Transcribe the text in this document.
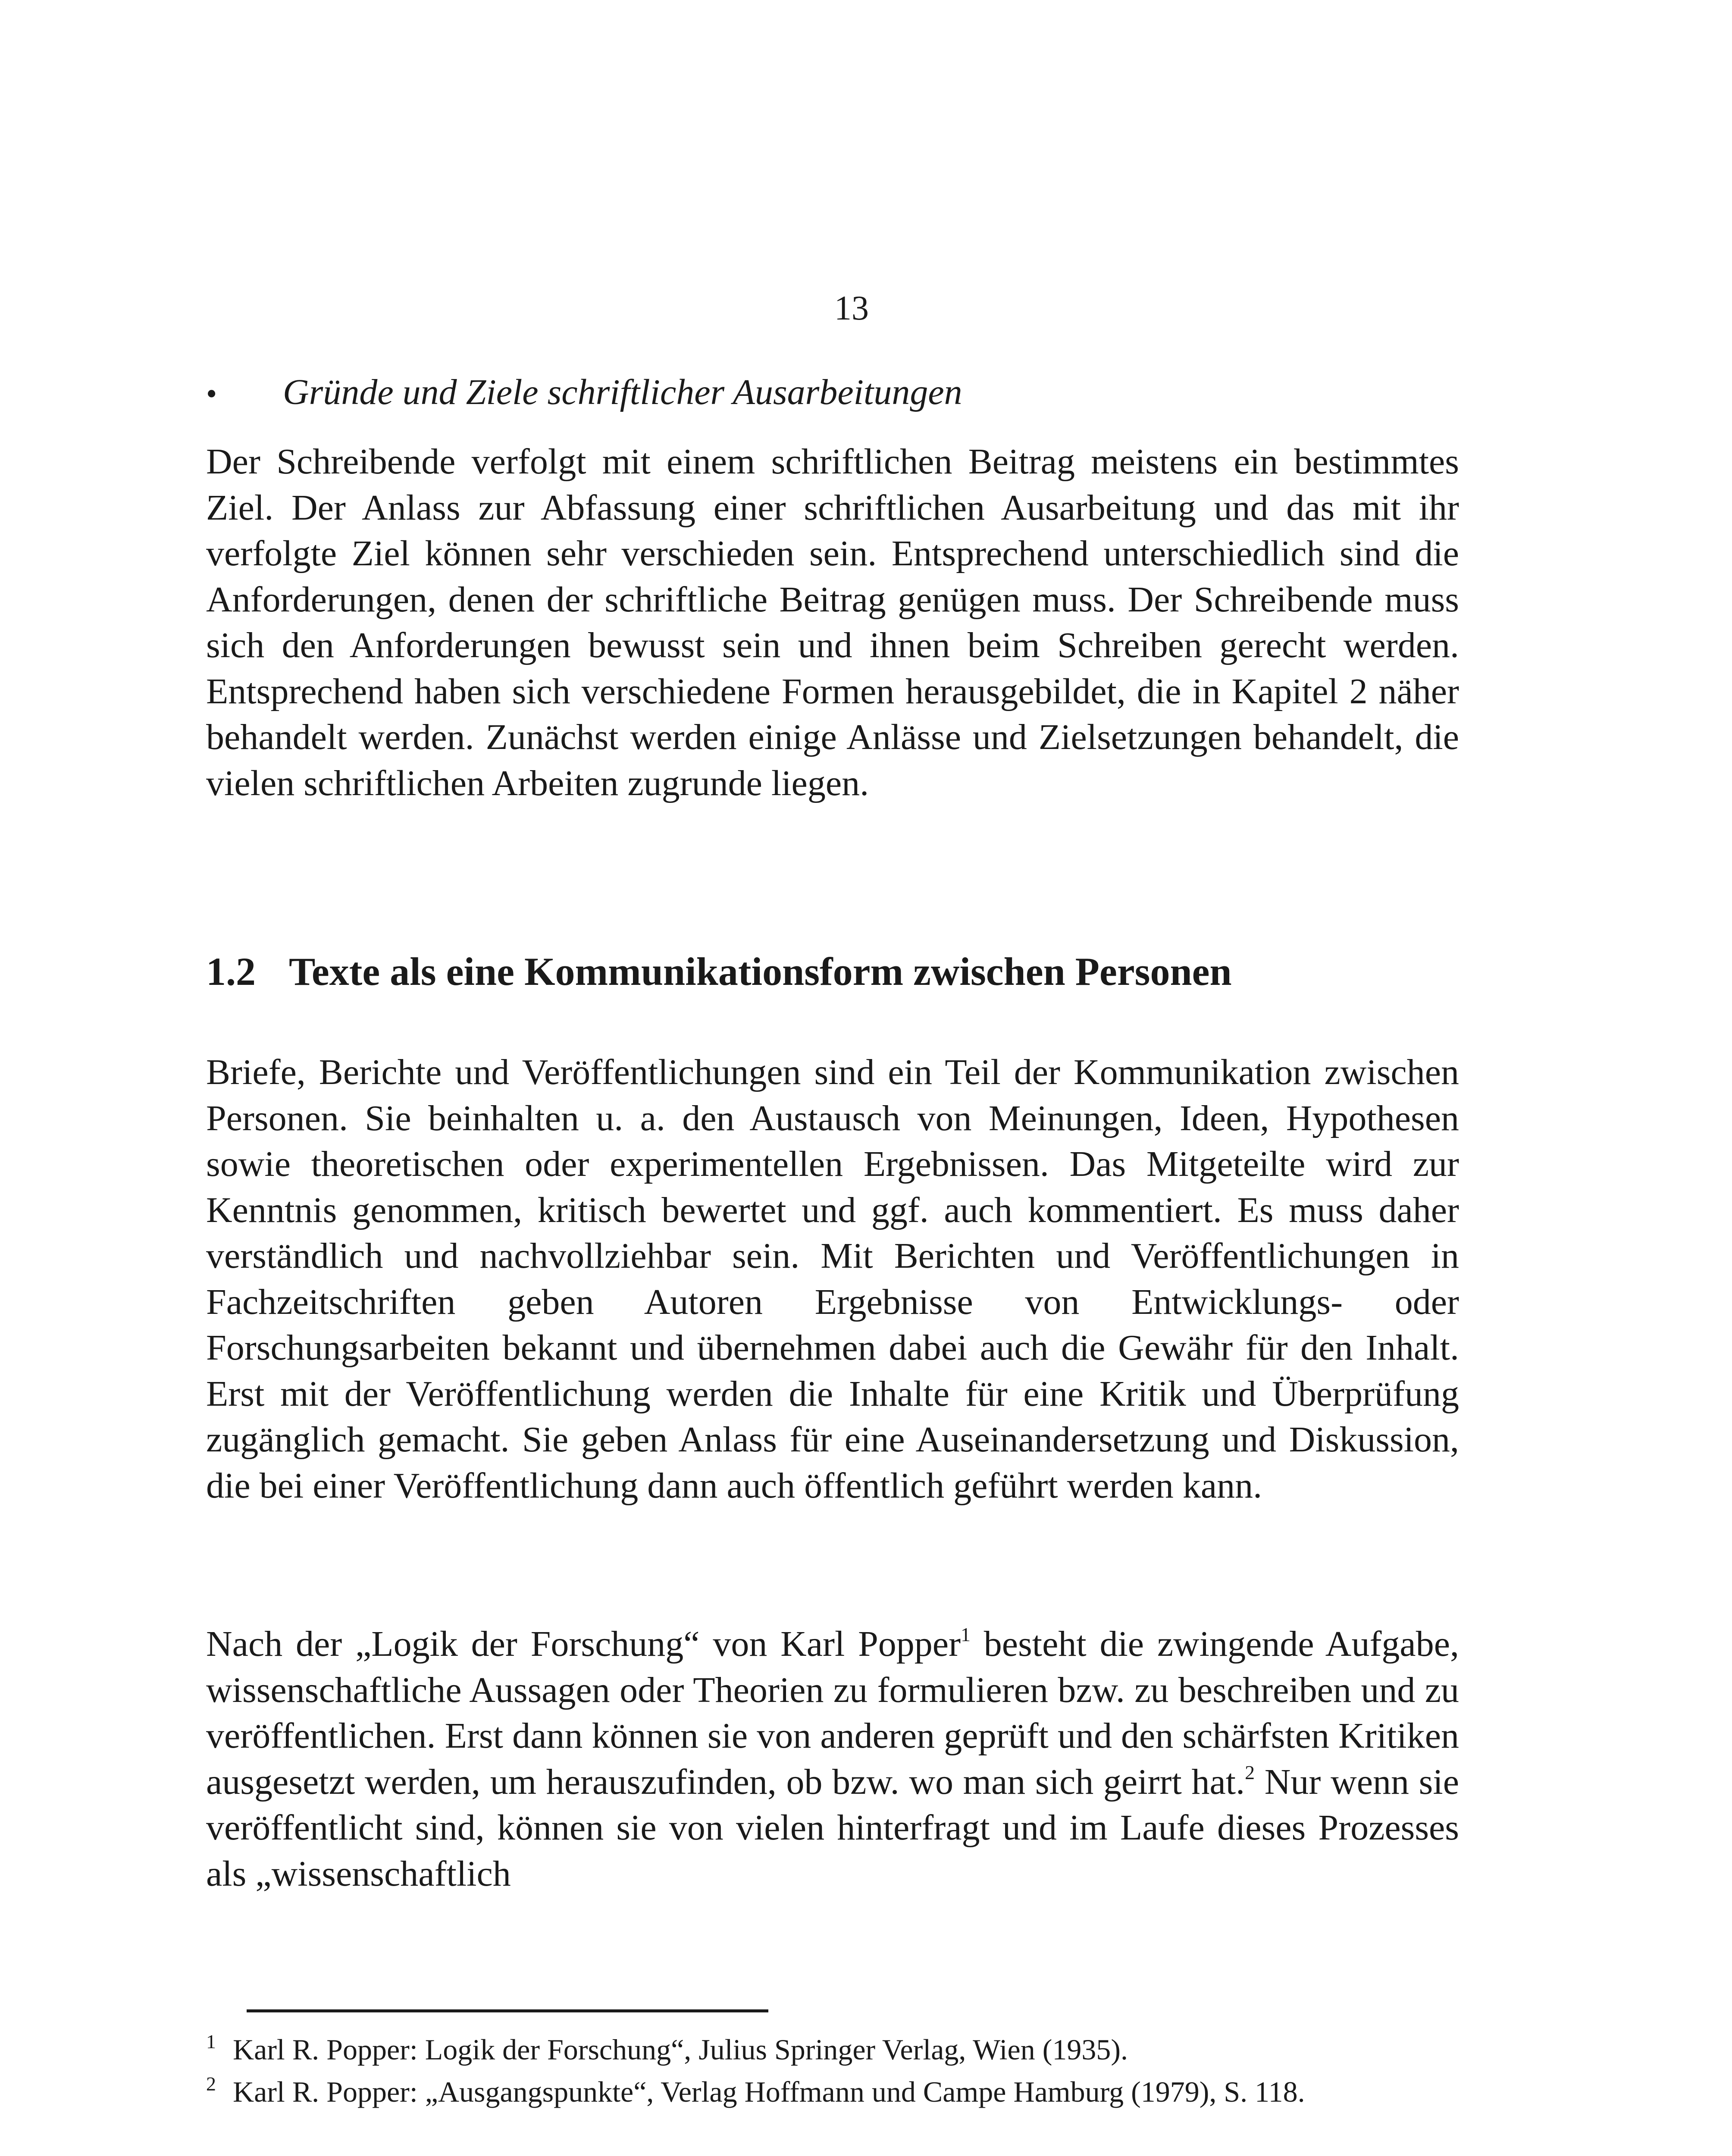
13
•	Gründe und Ziele schriftlicher Ausarbeitungen

Der Schreibende verfolgt mit einem schriftlichen Beitrag meistens ein bestimmtes Ziel. Der Anlass zur Abfassung einer schriftlichen Ausarbeitung und das mit ihr verfolgte Ziel können sehr verschieden sein. Entsprechend unterschiedlich sind die Anforderungen, denen der schriftliche Beitrag genügen muss. Der Schreibende muss sich den Anforderungen bewusst sein und ihnen beim Schreiben gerecht werden. Entsprechend haben sich verschiedene Formen herausgebildet, die in Kapitel 2 näher behandelt werden. Zunächst werden einige Anlässe und Zielsetzungen behandelt, die vielen schriftlichen Arbeiten zugrunde liegen.

1.2 Texte als eine Kommunikationsform zwischen Personen

Briefe, Berichte und Veröffentlichungen sind ein Teil der Kommunikation zwischen Personen. Sie beinhalten u. a. den Austausch von Meinungen, Ideen, Hypothesen sowie theoretischen oder experimentellen Ergebnissen. Das Mitgeteilte wird zur Kenntnis genommen, kritisch bewertet und ggf. auch kommentiert. Es muss daher verständlich und nachvollziehbar sein. Mit Berichten und Veröffentlichungen in Fachzeitschriften geben Autoren Ergebnisse von Entwicklungs- oder Forschungsarbeiten bekannt und übernehmen dabei auch die Gewähr für den Inhalt. Erst mit der Veröffentlichung werden die Inhalte für eine Kritik und Überprüfung zugänglich gemacht. Sie geben Anlass für eine Auseinandersetzung und Diskussion, die bei einer Veröffentlichung dann auch öffentlich geführt werden kann.

Nach der „Logik der Forschung“ von Karl Popper$^1$ besteht die zwingende Aufgabe, wissenschaftliche Aussagen oder Theorien zu formulieren bzw. zu beschreiben und zu veröffentlichen. Erst dann können sie von anderen geprüft und den schärfsten Kritiken ausgesetzt werden, um herauszufinden, ob bzw. wo man sich geirrt hat.$^2$ Nur wenn sie veröffentlicht sind, können sie von vielen hinterfragt und im Laufe dieses Prozesses als „wissenschaftlich

1 Karl R. Popper: Logik der Forschung“, Julius Springer Verlag, Wien (1935).
2 Karl R. Popper: „Ausgangspunkte“, Verlag Hoffmann und Campe Hamburg (1979), S. 118.
